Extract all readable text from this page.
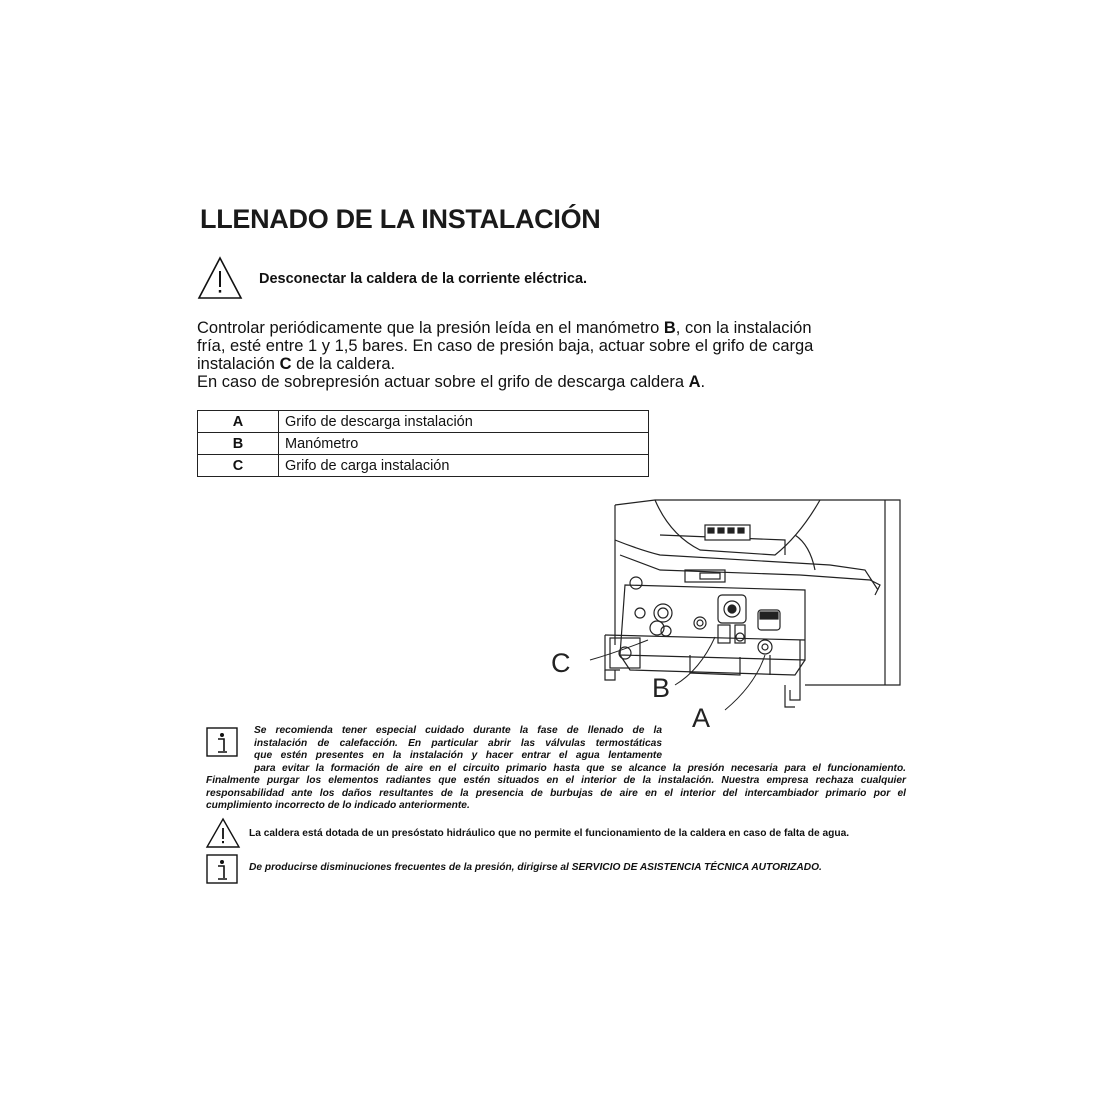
LLENADO DE LA INSTALACIÓN
Desconectar la caldera de la corriente eléctrica.
Controlar periódicamente que la presión leída en el manómetro B, con la instalación
fría, esté entre 1 y 1,5 bares. En caso de presión baja, actuar sobre el grifo de carga
instalación C de la caldera.
En caso de sobrepresión actuar sobre el grifo de descarga caldera A.
A	Grifo de descarga instalación
B	Manómetro
C	Grifo de carga instalación
C
B
A
Se recomienda tener especial cuidado durante la fase de llenado de la
instalación de calefacción. En particular abrir las válvulas termostáticas
que estén presentes en la instalación y hacer entrar el agua lentamente
para evitar la formación de aire en el circuito primario hasta que se alcance la presión necesaria para el funcionamiento.
Finalmente purgar los elementos radiantes que estén situados en el interior de la instalación. Nuestra empresa rechaza cualquier
responsabilidad ante los daños resultantes de la presencia de burbujas de aire en el interior del intercambiador primario por el
cumplimiento incorrecto de lo indicado anteriormente.
La caldera está dotada de un presóstato hidráulico que no permite el funcionamiento de la caldera en caso de falta de agua.
De producirse disminuciones frecuentes de la presión, dirigirse al SERVICIO DE ASISTENCIA TÉCNICA AUTORIZADO.
